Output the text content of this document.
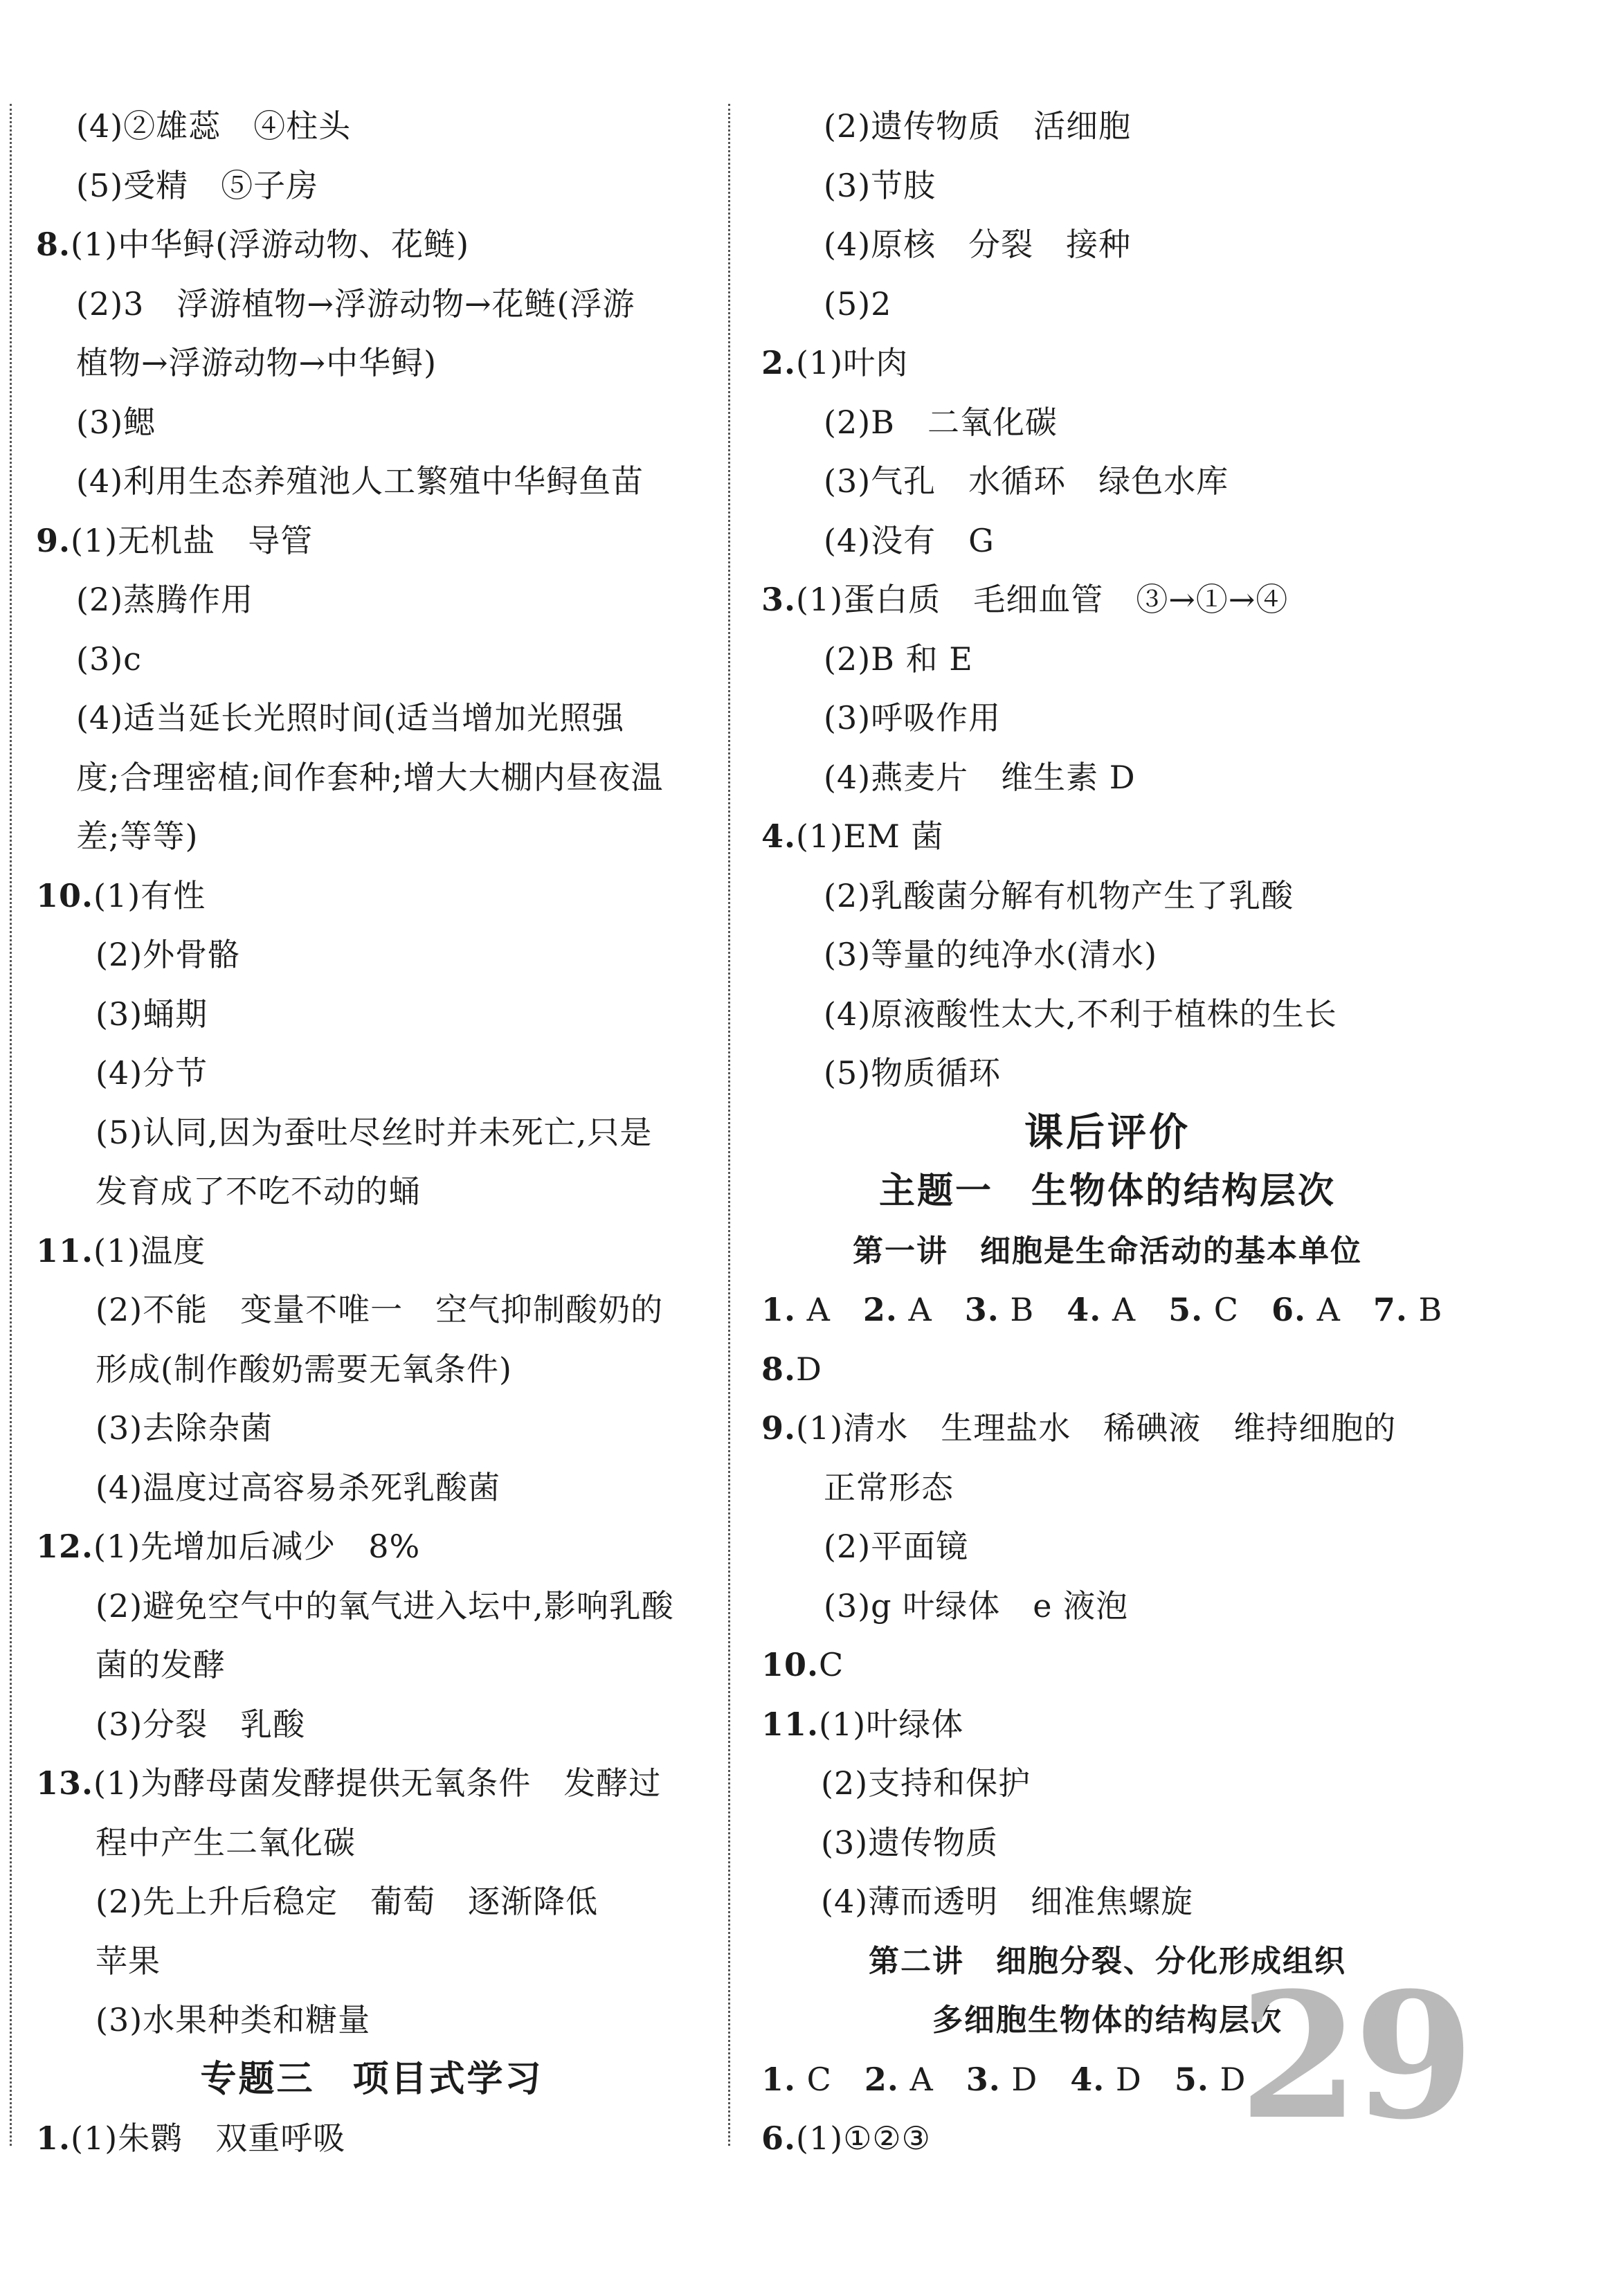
(4)②雄蕊　④柱头
(5)受精　⑤子房
8.(1)中华鲟(浮游动物、花鲢)
(2)3　浮游植物→浮游动物→花鲢(浮游
植物→浮游动物→中华鲟)
(3)鳃
(4)利用生态养殖池人工繁殖中华鲟鱼苗
9.(1)无机盐　导管
(2)蒸腾作用
(3)c
(4)适当延长光照时间(适当增加光照强
度;合理密植;间作套种;增大大棚内昼夜温
差;等等)
10.(1)有性
(2)外骨骼
(3)蛹期
(4)分节
(5)认同,因为蚕吐尽丝时并未死亡,只是
发育成了不吃不动的蛹
11.(1)温度
(2)不能　变量不唯一　空气抑制酸奶的
形成(制作酸奶需要无氧条件)
(3)去除杂菌
(4)温度过高容易杀死乳酸菌
12.(1)先增加后减少　8%
(2)避免空气中的氧气进入坛中,影响乳酸
菌的发酵
(3)分裂　乳酸
13.(1)为酵母菌发酵提供无氧条件　发酵过
程中产生二氧化碳
(2)先上升后稳定　葡萄　逐渐降低
苹果
(3)水果种类和糖量
专题三　项目式学习
1.(1)朱鹮　双重呼吸
(2)遗传物质　活细胞
(3)节肢
(4)原核　分裂　接种
(5)2
2.(1)叶肉
(2)B　二氧化碳
(3)气孔　水循环　绿色水库
(4)没有　G
3.(1)蛋白质　毛细血管　③→①→④
(2)B 和 E
(3)呼吸作用
(4)燕麦片　维生素 D
4.(1)EM 菌
(2)乳酸菌分解有机物产生了乳酸
(3)等量的纯净水(清水)
(4)原液酸性太大,不利于植株的生长
(5)物质循环
课后评价
主题一　生物体的结构层次
第一讲　细胞是生命活动的基本单位
1. A　2. A　3. B　4. A　5. C　6. A　7. B
8.D
9.(1)清水　生理盐水　稀碘液　维持细胞的
正常形态
(2)平面镜
(3)g 叶绿体　e 液泡
10.C
11.(1)叶绿体
(2)支持和保护
(3)遗传物质
(4)薄而透明　细准焦螺旋
第二讲　细胞分裂、分化形成组织
多细胞生物体的结构层次
1. C　2. A　3. D　4. D　5. D
6.(1)①②③	29
